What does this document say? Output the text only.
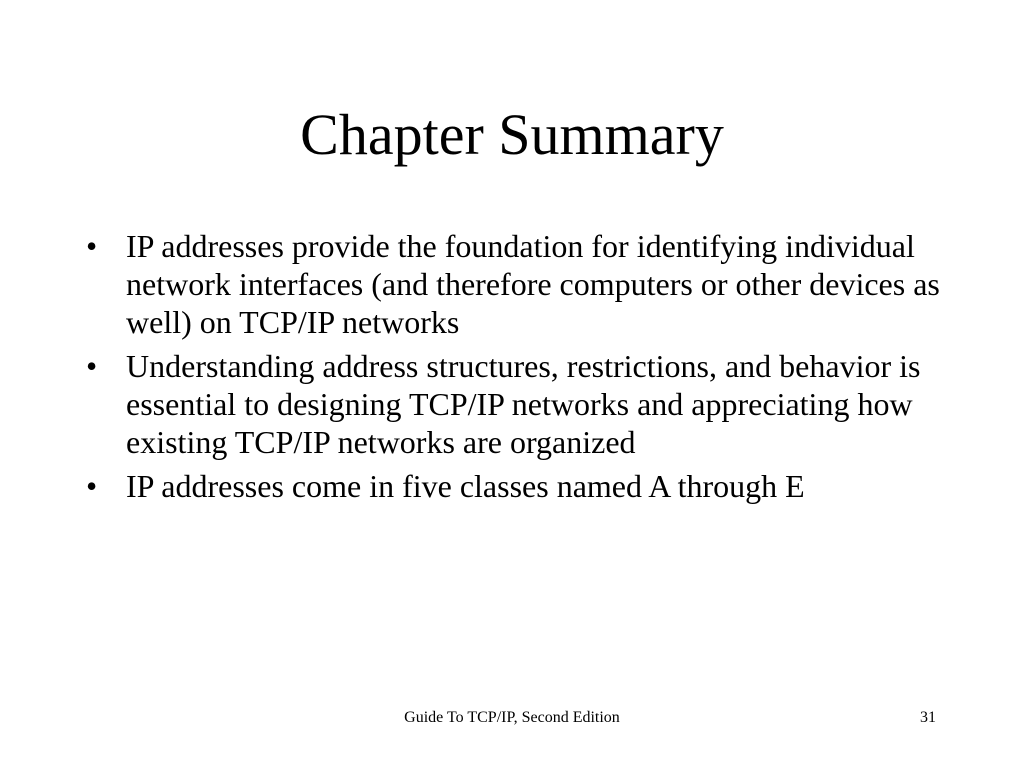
Chapter Summary
• IP addresses provide the foundation for identifying individual network interfaces (and therefore computers or other devices as well) on TCP/IP networks
• Understanding address structures, restrictions, and behavior is essential to designing TCP/IP networks and appreciating how existing TCP/IP networks are organized
• IP addresses come in five classes named A through E
Guide To TCP/IP, Second Edition	31
